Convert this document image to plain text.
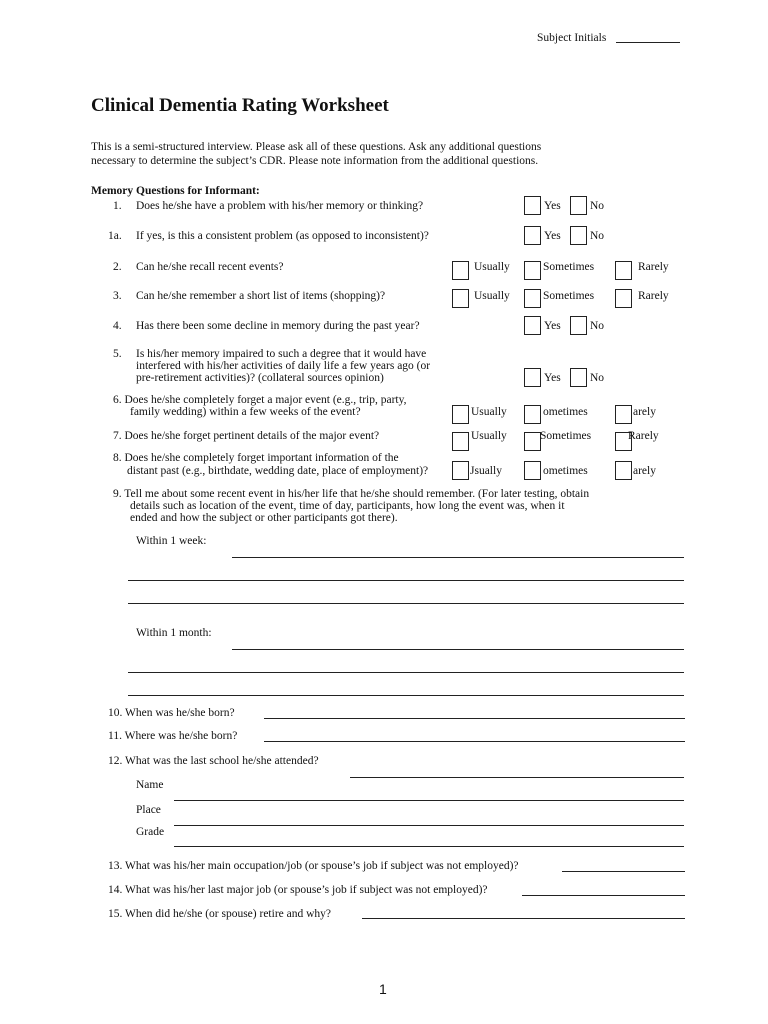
Subject Initials
Clinical Dementia Rating Worksheet
This is a semi-structured interview. Please ask all of these questions. Ask any additional questions
necessary to determine the subject’s CDR. Please note information from the additional questions.
Memory Questions for Informant:
1. Does he/she have a problem with his/her memory or thinking?	Yes	No
1a. If yes, is this a consistent problem (as opposed to inconsistent)?	Yes	No
2. Can he/she recall recent events?	Usually	Sometimes	Rarely
3. Can he/she remember a short list of items (shopping)?	Usually	Sometimes	Rarely
4. Has there been some decline in memory during the past year?	Yes	No
5. Is his/her memory impaired to such a degree that it would have
interfered with his/her activities of daily life a few years ago (or
pre-retirement activities)? (collateral sources opinion)	Yes	No
6. Does he/she completely forget a major event (e.g., trip, party,
family wedding) within a few weeks of the event?	Usually	ometimes	arely
7. Does he/she forget pertinent details of the major event?	Usually	Sometimes	Rarely
8. Does he/she completely forget important information of the
distant past (e.g., birthdate, wedding date, place of employment)?	Jsually	ometimes	arely
9. Tell me about some recent event in his/her life that he/she should remember. (For later testing, obtain
details such as location of the event, time of day, participants, how long the event was, when it
ended and how the subject or other participants got there).
Within 1 week:
Within 1 month:
10. When was he/she born?
11. Where was he/she born?
12. What was the last school he/she attended?
Name
Place
Grade
13. What was his/her main occupation/job (or spouse’s job if subject was not employed)?
14. What was his/her last major job (or spouse’s job if subject was not employed)?
15. When did he/she (or spouse) retire and why?
1
